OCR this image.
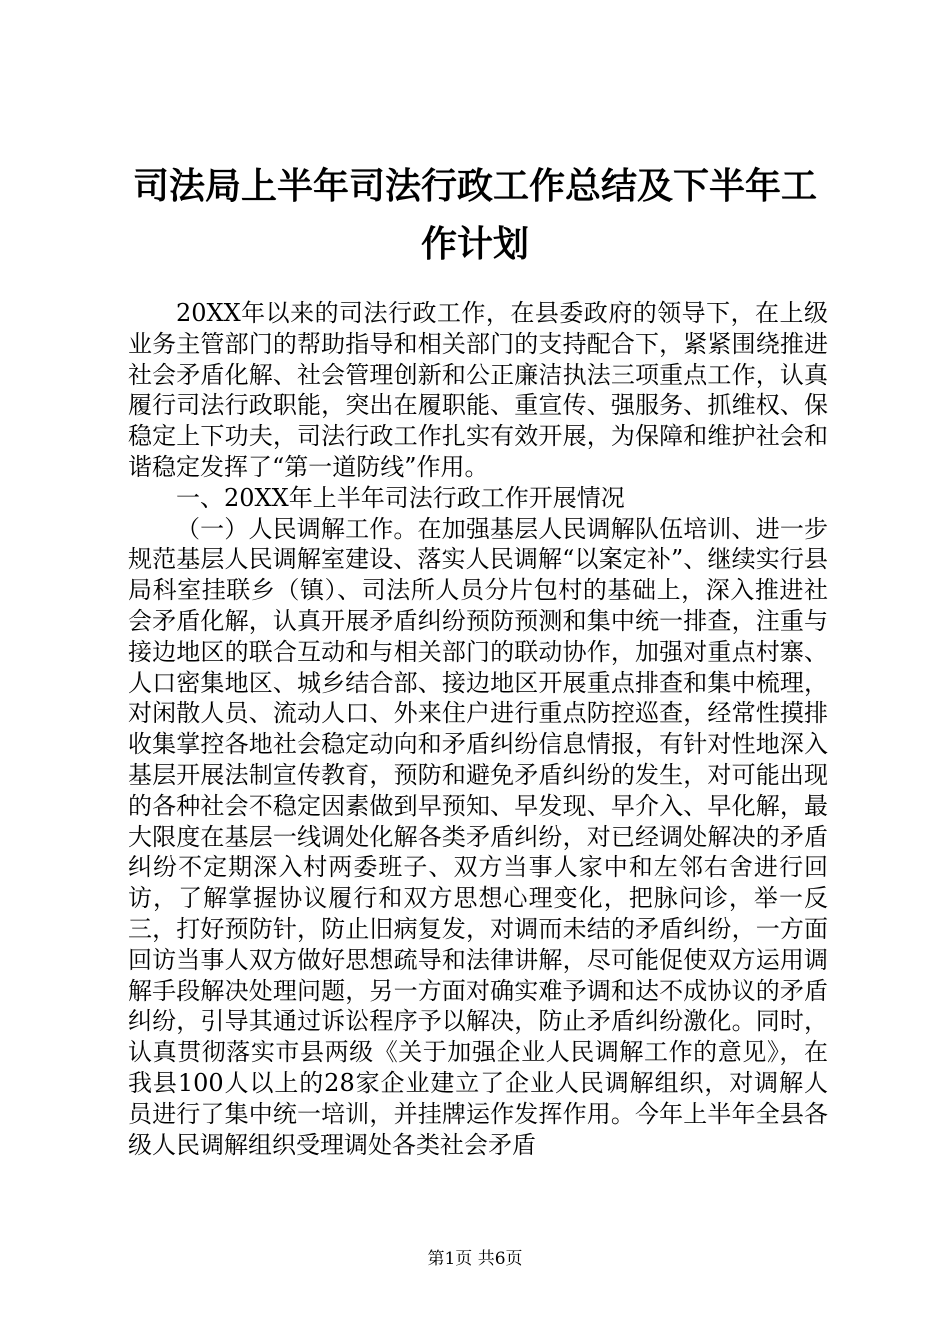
司法局上半年司法行政工作总结及下半年工作计划

20XX年以来的司法行政工作，在县委政府的领导下，在上级业务主管部门的帮助指导和相关部门的支持配合下，紧紧围绕推进社会矛盾化解、社会管理创新和公正廉洁执法三项重点工作，认真履行司法行政职能，突出在履职能、重宣传、强服务、抓维权、保稳定上下功夫，司法行政工作扎实有效开展，为保障和维护社会和谐稳定发挥了“第一道防线”作用。

一、20XX年上半年司法行政工作开展情况

（一）人民调解工作。在加强基层人民调解队伍培训、进一步规范基层人民调解室建设、落实人民调解“以案定补”、继续实行县局科室挂联乡（镇）、司法所人员分片包村的基础上，深入推进社会矛盾化解，认真开展矛盾纠纷预防预测和集中统一排查，注重与接边地区的联合互动和与相关部门的联动协作，加强对重点村寨、人口密集地区、城乡结合部、接边地区开展重点排查和集中梳理，对闲散人员、流动人口、外来住户进行重点防控巡查，经常性摸排收集掌控各地社会稳定动向和矛盾纠纷信息情报，有针对性地深入基层开展法制宣传教育，预防和避免矛盾纠纷的发生，对可能出现的各种社会不稳定因素做到早预知、早发现、早介入、早化解，最大限度在基层一线调处化解各类矛盾纠纷，对已经调处解决的矛盾纠纷不定期深入村两委班子、双方当事人家中和左邻右舍进行回访，了解掌握协议履行和双方思想心理变化，把脉问诊，举一反三，打好预防针，防止旧病复发，对调而未结的矛盾纠纷，一方面回访当事人双方做好思想疏导和法律讲解，尽可能促使双方运用调解手段解决处理问题，另一方面对确实难予调和达不成协议的矛盾纠纷，引导其通过诉讼程序予以解决，防止矛盾纠纷激化。同时，认真贯彻落实市县两级《关于加强企业人民调解工作的意见》，在我县100人以上的28家企业建立了企业人民调解组织，对调解人员进行了集中统一培训，并挂牌运作发挥作用。今年上半年全县各级人民调解组织受理调处各类社会矛盾

第1页 共6页
